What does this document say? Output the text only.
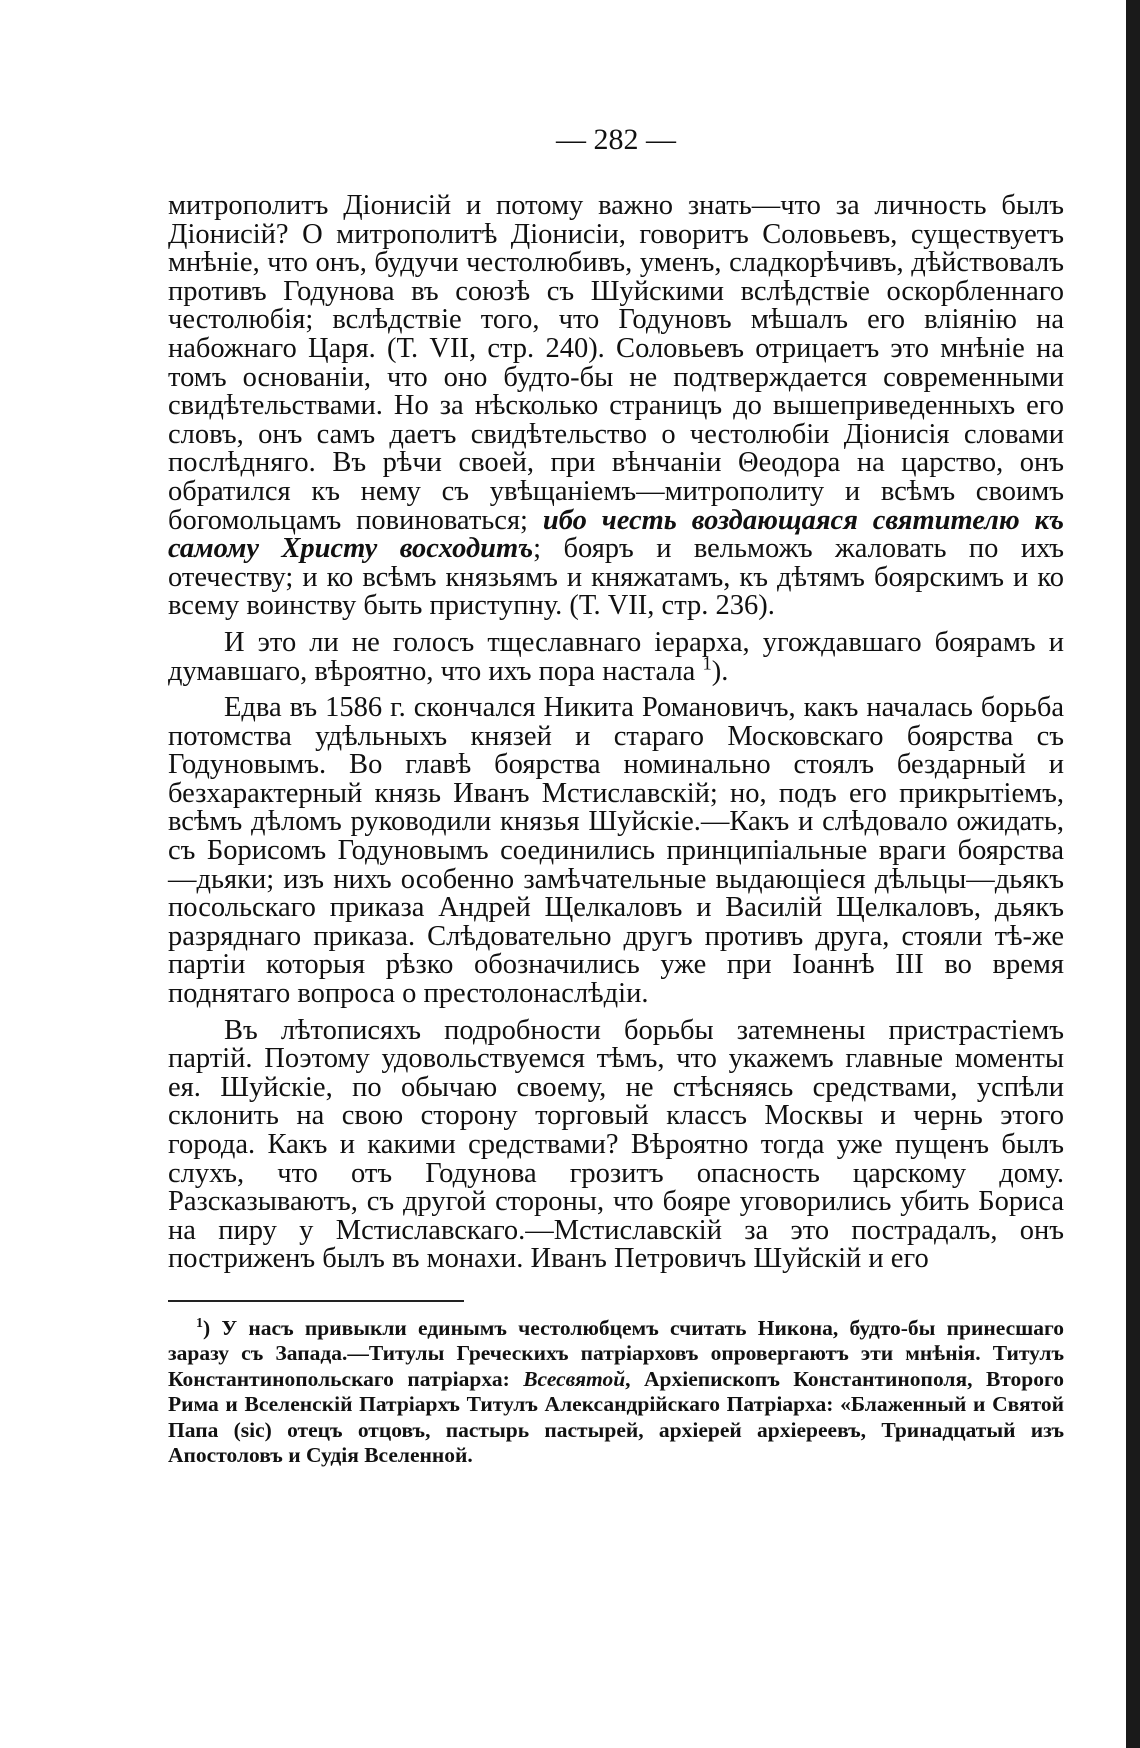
— 282 —

митрополитъ Діонисій и потому важно знать—что за личность былъ Діонисій? О митрополитѣ Діонисіи, говоритъ Соловьевъ, существуетъ мнѣніе, что онъ, будучи честолюбивъ, уменъ, сладкорѣчивъ, дѣйствовалъ противъ Годунова въ союзѣ съ Шуйскими вслѣдствіе оскорбленнаго честолюбія; вслѣдствіе того, что Годуновъ мѣшалъ его вліянію на набожнаго Царя. (Т. VII, стр. 240). Соловьевъ отрицаетъ это мнѣніе на томъ основаніи, что оно будто-бы не подтверждается современными свидѣтельствами. Но за нѣсколько страницъ до вышеприведенныхъ его словъ, онъ самъ даетъ свидѣтельство о честолюбіи Діонисія словами послѣдняго. Въ рѣчи своей, при вѣнчаніи Θеодора на царство, онъ обратился къ нему съ увѣщаніемъ—митрополиту и всѣмъ своимъ богомольцамъ повиноваться; ибо честь воздающаяся святителю къ самому Христу восходитъ; бояръ и вельможъ жаловать по ихъ отечеству; и ко всѣмъ князьямъ и княжатамъ, къ дѣтямъ боярскимъ и ко всему воинству быть приступну. (Т. VII, стр. 236).

И это ли не голосъ тщеславнаго іерарха, угождавшаго боярамъ и думавшаго, вѣроятно, что ихъ пора настала $^1$).

Едва въ 1586 г. скончался Никита Романовичъ, какъ началась борьба потомства удѣльныхъ князей и стараго Московскаго боярства съ Годуновымъ. Во главѣ боярства номинально стоялъ бездарный и безхарактерный князь Иванъ Мстиславскій; но, подъ его прикрытіемъ, всѣмъ дѣломъ руководили князья Шуйскіе.—Какъ и слѣдовало ожидать, съ Борисомъ Годуновымъ соединились принципіальные враги боярства—дьяки; изъ нихъ особенно замѣчательные выдающіеся дѣльцы—дьякъ посольскаго приказа Андрей Щелкаловъ и Василій Щелкаловъ, дьякъ разряднаго приказа. Слѣдовательно другъ противъ друга, стояли тѣ-же партіи которыя рѣзко обозначились уже при Іоаннѣ III во время поднятаго вопроса о престолонаслѣдіи.

Въ лѣтописяхъ подробности борьбы затемнены пристрастіемъ партій. Поэтому удовольствуемся тѣмъ, что укажемъ главные моменты ея. Шуйскіе, по обычаю своему, не стѣсняясь средствами, успѣли склонить на свою сторону торговый классъ Москвы и чернь этого города. Какъ и какими средствами? Вѣроятно тогда уже пущенъ былъ слухъ, что отъ Годунова грозитъ опасность царскому дому. Разсказываютъ, съ другой стороны, что бояре уговорились убить Бориса на пиру у Мстиславскаго.—Мстиславскій за это пострадалъ, онъ постриженъ былъ въ монахи. Иванъ Петровичъ Шуйскій и его

$^1$) У насъ привыкли единымъ честолюбцемъ считать Никона, будто-бы принесшаго заразу съ Запада.—Титулы Греческихъ патріарховъ опровергаютъ эти мнѣнія. Титулъ Константинопольскаго патріарха: Всесвятой, Архіепископъ Константинополя, Второго Рима и Вселенскій Патріархъ Титулъ Александрійскаго Патріарха: «Блаженный и Святой Папа (sic) отецъ отцовъ, пастырь пастырей, архіерей архіереевъ, Тринадцатый изъ Апостоловъ и Судія Вселенной.
